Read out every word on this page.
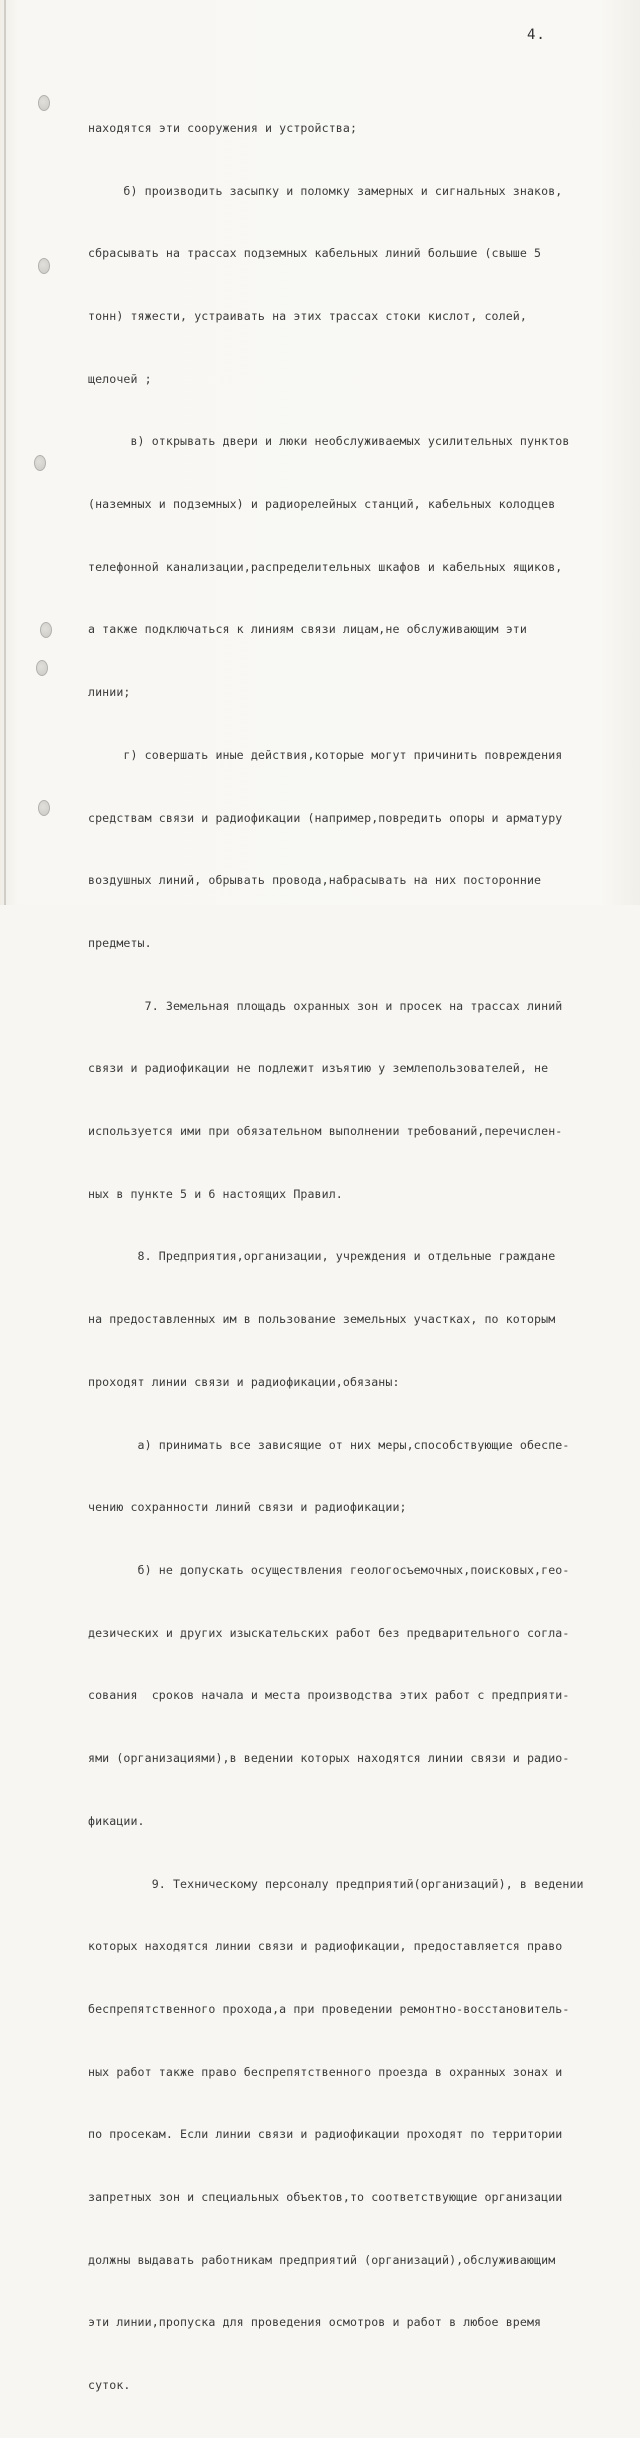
4.

находятся эти сооружения и устройства;

б) производить засыпку и поломку замерных и сигнальных знаков,

сбрасывать на трассах подземных кабельных линий большие (свыше 5

тонн) тяжести, устраивать на этих трассах стоки кислот, солей,

щелочей ;

в) открывать двери и люки необслуживаемых усилительных пунктов

(наземных и подземных) и радиорелейных станций, кабельных колодцев

телефонной канализации,распределительных шкафов и кабельных ящиков,

а также подключаться к линиям связи лицам,не обслуживающим эти

линии;

г) совершать иные действия,которые могут причинить повреждения

средствам связи и радиофикации (например,повредить опоры и арматуру

воздушных линий, обрывать провода,набрасывать на них посторонние

предметы.

7. Земельная площадь охранных зон и просек на трассах линий

связи и радиофикации не подлежит изъятию у землепользователей, не

используется ими при обязательном выполнении требований,перечислен-

ных в пункте 5 и 6 настоящих Правил.

8. Предприятия,организации, учреждения и отдельные граждане

на предоставленных им в пользование земельных участках, по которым

проходят линии связи и радиофикации,обязаны:

а) принимать все зависящие от них меры,способствующие обеспе-

чению сохранности линий связи и радиофикации;

б) не допускать осуществления геологосъемочных,поисковых,гео-

дезических и других изыскательских работ без предварительного согла-

сования  сроков начала и места производства этих работ с предприяти-

ями (организациями),в ведении которых находятся линии связи и радио-

фикации.

9. Техническому персоналу предприятий(организаций), в ведении

которых находятся линии связи и радиофикации, предоставляется право

беспрепятственного прохода,а при проведении ремонтно-восстановитель-

ных работ также право беспрепятственного проезда в охранных зонах и

по просекам. Если линии связи и радиофикации проходят по территории

запретных зон и специальных объектов,то соответствующие организации

должны выдавать работникам предприятий (организаций),обслуживающим

эти линии,пропуска для проведения осмотров и работ в любое время

суток.
